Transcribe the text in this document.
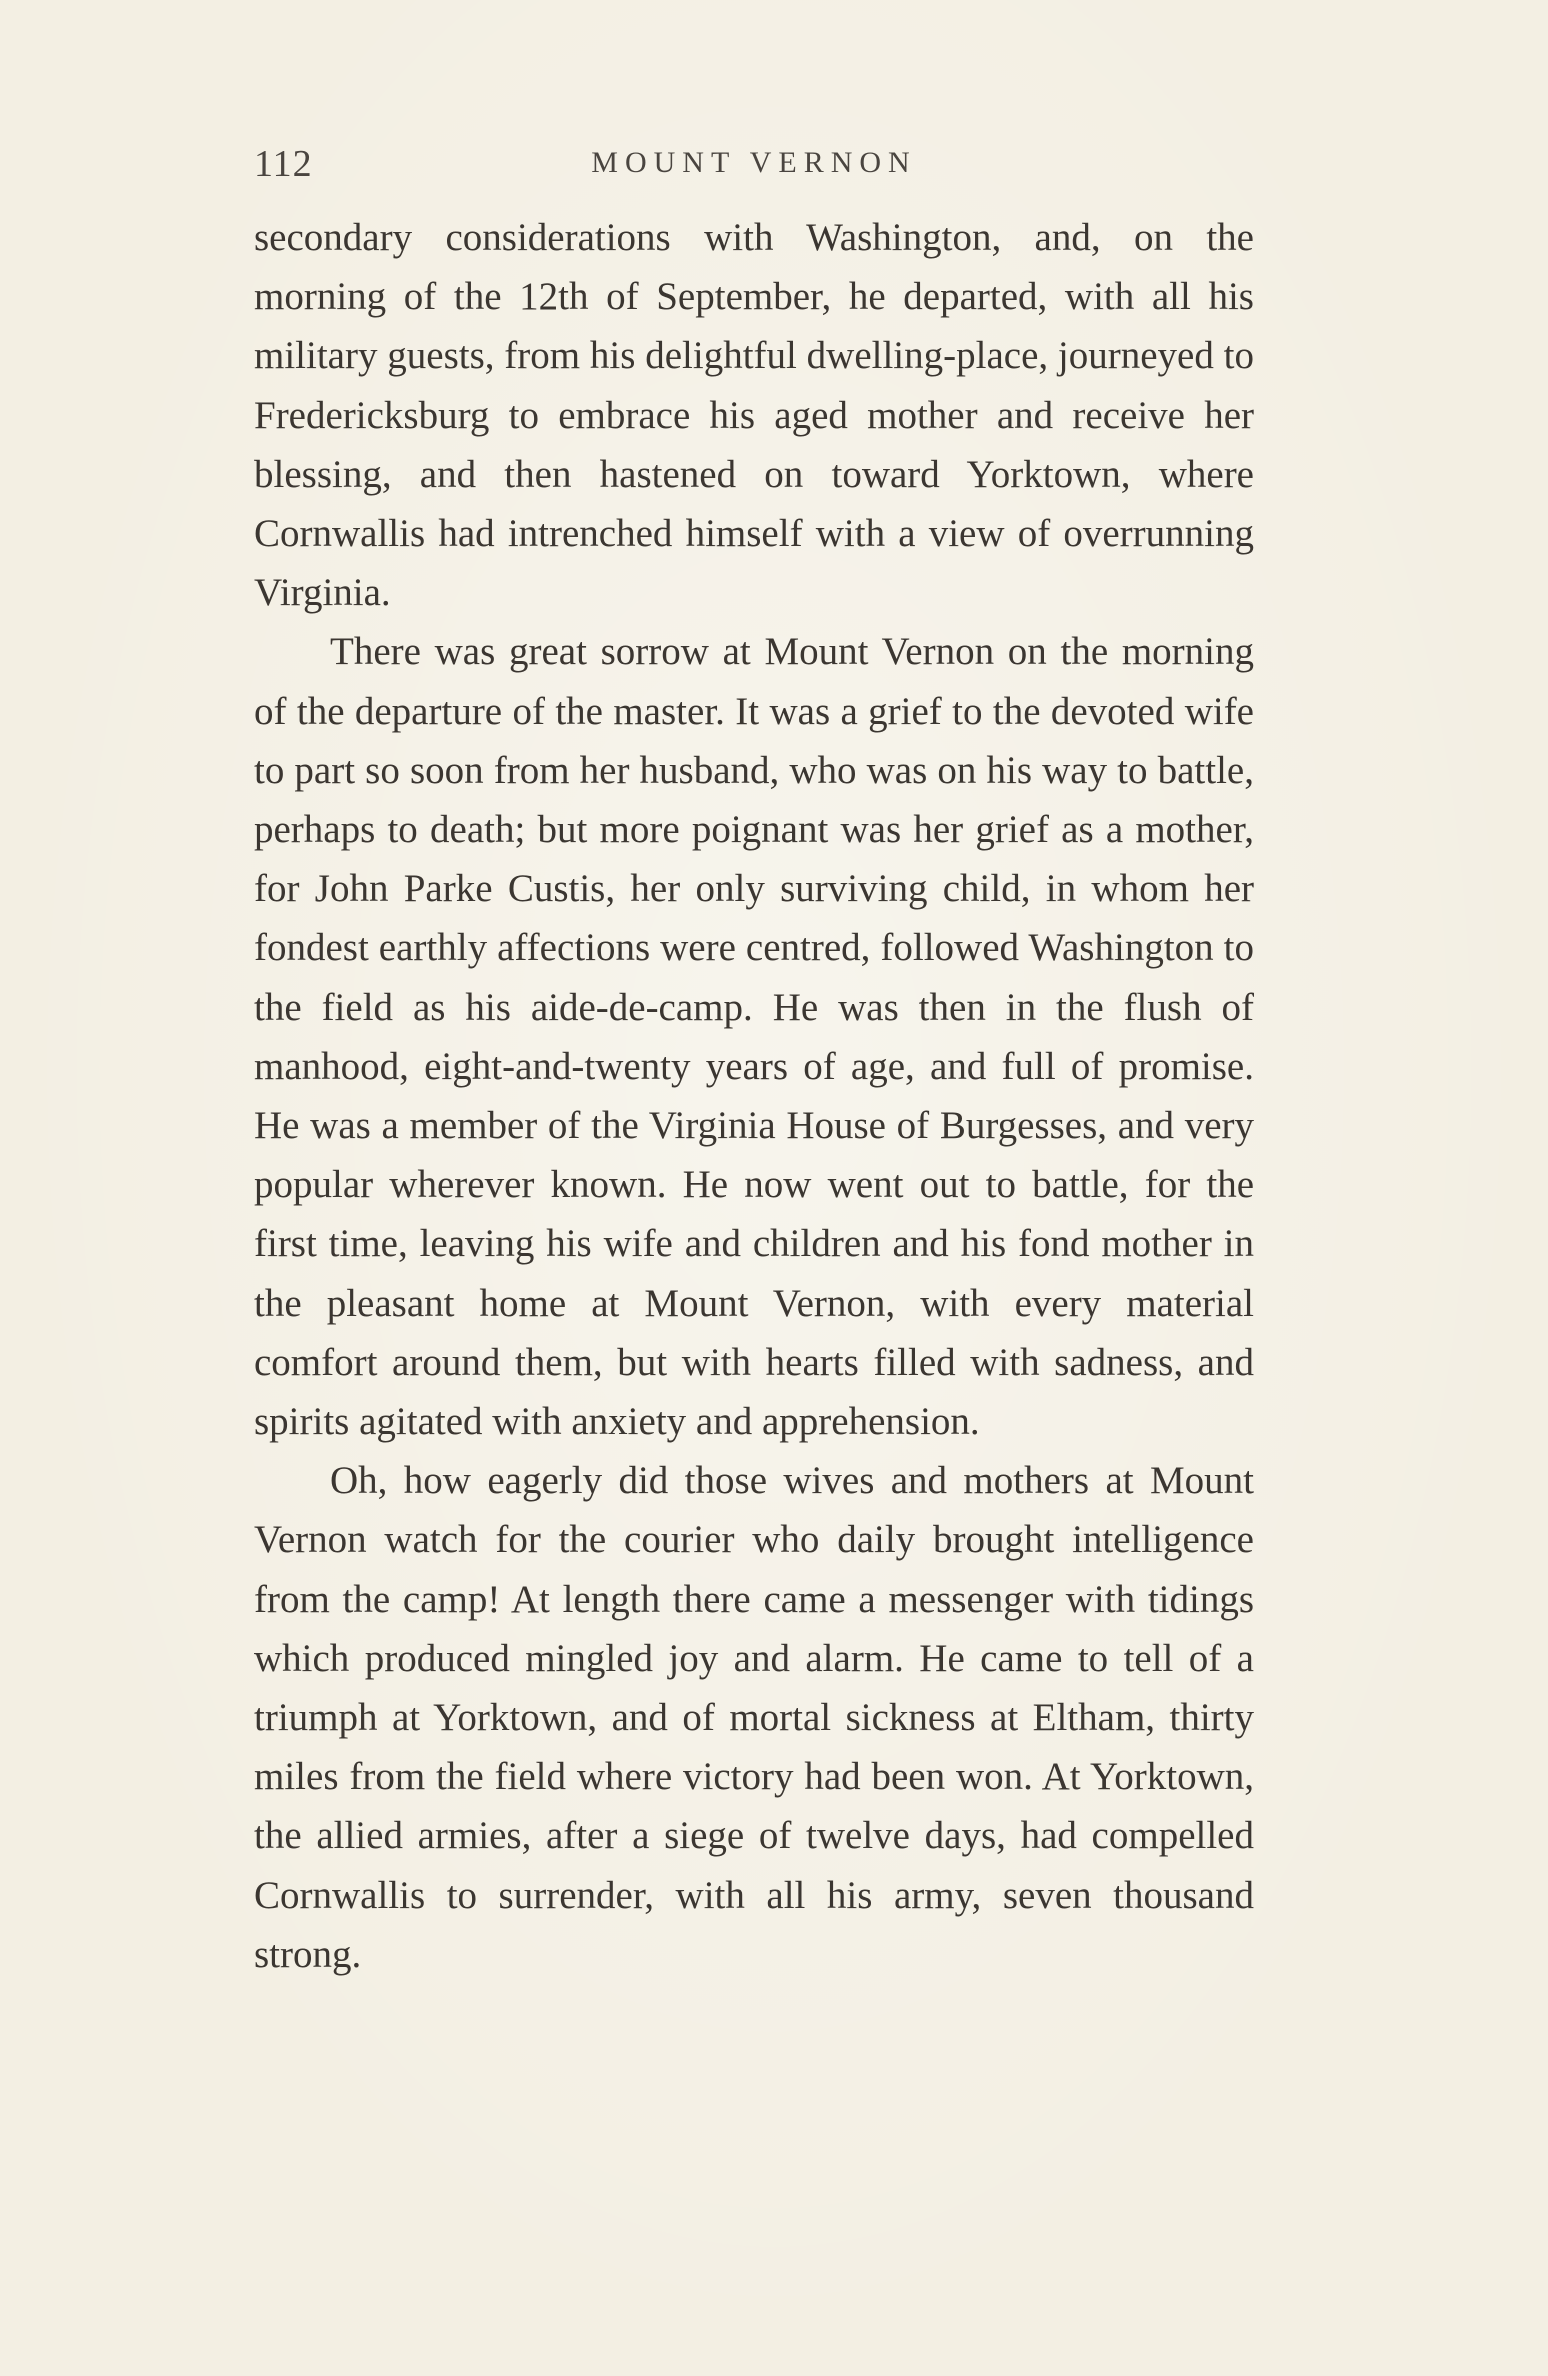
112	MOUNT VERNON

secondary considerations with Washington, and, on the morning of the 12th of September, he departed, with all his military guests, from his delightful dwelling-place, journeyed to Fredericksburg to embrace his aged mother and receive her blessing, and then hastened on toward Yorktown, where Cornwallis had intrenched himself with a view of overrunning Virginia.

There was great sorrow at Mount Vernon on the morning of the departure of the master. It was a grief to the devoted wife to part so soon from her husband, who was on his way to battle, perhaps to death; but more poignant was her grief as a mother, for John Parke Custis, her only surviving child, in whom her fondest earthly affections were centred, followed Washington to the field as his aide-de-camp. He was then in the flush of manhood, eight-and-twenty years of age, and full of promise. He was a member of the Virginia House of Burgesses, and very popular wherever known. He now went out to battle, for the first time, leaving his wife and children and his fond mother in the pleasant home at Mount Vernon, with every material comfort around them, but with hearts filled with sadness, and spirits agitated with anxiety and apprehension.

Oh, how eagerly did those wives and mothers at Mount Vernon watch for the courier who daily brought intelligence from the camp! At length there came a messenger with tidings which produced mingled joy and alarm. He came to tell of a triumph at Yorktown, and of mortal sickness at Eltham, thirty miles from the field where victory had been won. At Yorktown, the allied armies, after a siege of twelve days, had compelled Cornwallis to surrender, with all his army, seven thousand strong.
